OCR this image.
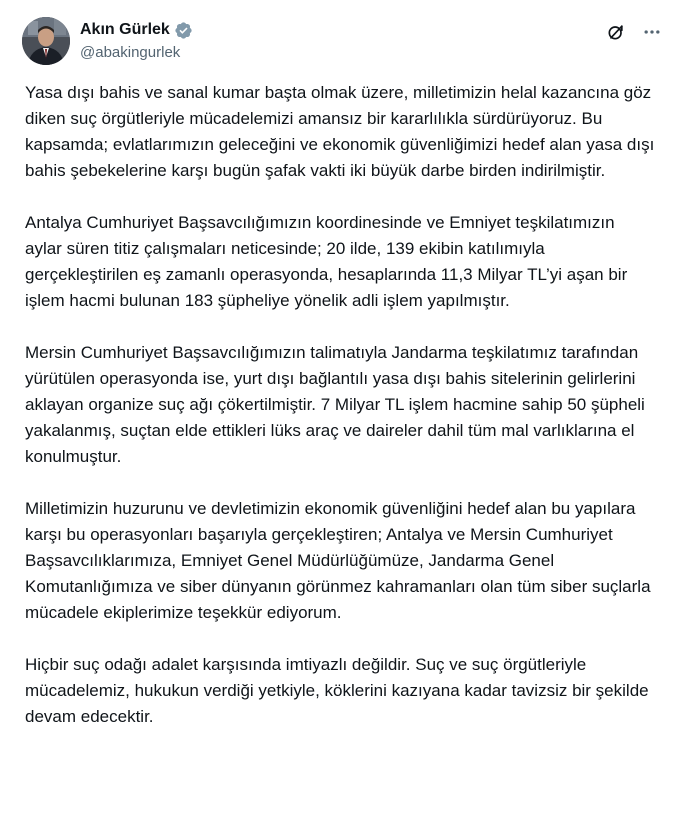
Akın Gürlek
@abakingurlek

Yasa dışı bahis ve sanal kumar başta olmak üzere, milletimizin helal kazancına göz diken suç örgütleriyle mücadelemizi amansız bir kararlılıkla sürdürüyoruz. Bu kapsamda; evlatlarımızın geleceğini ve ekonomik güvenliğimizi hedef alan yasa dışı bahis şebekelerine karşı bugün şafak vakti iki büyük darbe birden indirilmiştir.

Antalya Cumhuriyet Başsavcılığımızın koordinesinde ve Emniyet teşkilatımızın aylar süren titiz çalışmaları neticesinde; 20 ilde, 139 ekibin katılımıyla gerçekleştirilen eş zamanlı operasyonda, hesaplarında 11,3 Milyar TL’yi aşan bir işlem hacmi bulunan 183 şüpheliye yönelik adli işlem yapılmıştır.

Mersin Cumhuriyet Başsavcılığımızın talimatıyla Jandarma teşkilatımız tarafından yürütülen operasyonda ise, yurt dışı bağlantılı yasa dışı bahis sitelerinin gelirlerini aklayan organize suç ağı çökertilmiştir. 7 Milyar TL işlem hacmine sahip 50 şüpheli yakalanmış, suçtan elde ettikleri lüks araç ve daireler dahil tüm mal varlıklarına el konulmuştur.

Milletimizin huzurunu ve devletimizin ekonomik güvenliğini hedef alan bu yapılara karşı bu operasyonları başarıyla gerçekleştiren; Antalya ve Mersin Cumhuriyet Başsavcılıklarımıza, Emniyet Genel Müdürlüğümüze, Jandarma Genel Komutanlığımıza ve siber dünyanın görünmez kahramanları olan tüm siber suçlarla mücadele ekiplerimize teşekkür ediyorum.

Hiçbir suç odağı adalet karşısında imtiyazlı değildir. Suç ve suç örgütleriyle mücadelemiz, hukukun verdiği yetkiyle, köklerini kazıyana kadar tavizsiz bir şekilde devam edecektir.
